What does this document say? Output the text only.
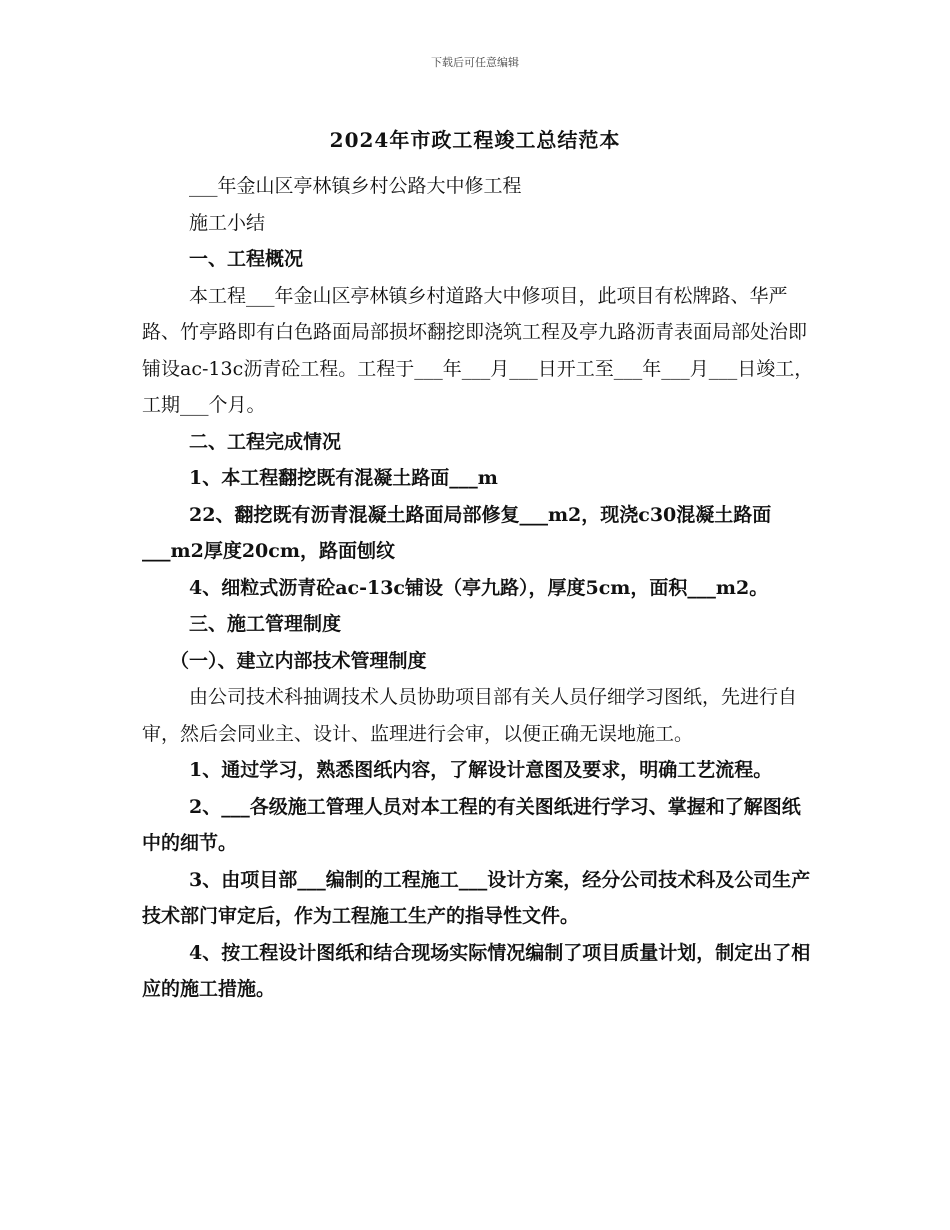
下载后可任意编辑
2024年市政工程竣工总结范本

___年金山区亭林镇乡村公路大中修工程

施工小结

一、工程概况

本工程___年金山区亭林镇乡村道路大中修项目，此项目有松牌路、华严路、竹亭路即有白色路面局部损坏翻挖即浇筑工程及亭九路沥青表面局部处治即铺设ac-13c沥青砼工程。工程于___年___月___日开工至___年___月___日竣工，工期___个月。

二、工程完成情况

1、本工程翻挖既有混凝土路面___m

22、翻挖既有沥青混凝土路面局部修复___m2，现浇c30混凝土路面___m2厚度20cm，路面刨纹

4、细粒式沥青砼ac-13c铺设（亭九路），厚度5cm，面积___m2。

三、施工管理制度

（一）、建立内部技术管理制度

由公司技术科抽调技术人员协助项目部有关人员仔细学习图纸，先进行自审，然后会同业主、设计、监理进行会审，以便正确无误地施工。

1、通过学习，熟悉图纸内容，了解设计意图及要求，明确工艺流程。

2、___各级施工管理人员对本工程的有关图纸进行学习、掌握和了解图纸中的细节。

3、由项目部___编制的工程施工___设计方案，经分公司技术科及公司生产技术部门审定后，作为工程施工生产的指导性文件。

4、按工程设计图纸和结合现场实际情况编制了项目质量计划，制定出了相应的施工措施。
